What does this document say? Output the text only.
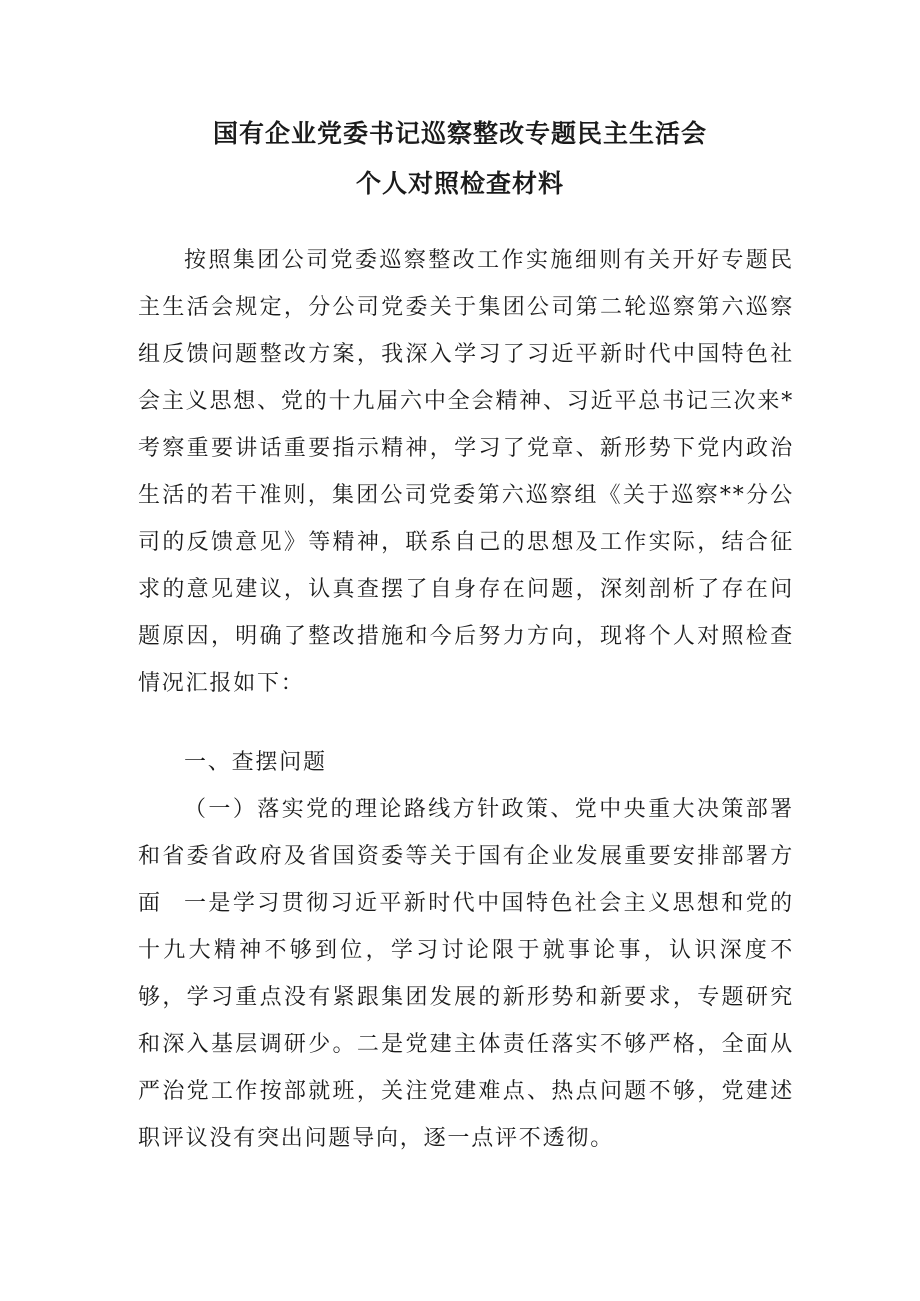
国有企业党委书记巡察整改专题民主生活会
个人对照检查材料

按照集团公司党委巡察整改工作实施细则有关开好专题民主生活会规定，分公司党委关于集团公司第二轮巡察第六巡察组反馈问题整改方案，我深入学习了习近平新时代中国特色社会主义思想、党的十九届六中全会精神、习近平总书记三次来*考察重要讲话重要指示精神，学习了党章、新形势下党内政治生活的若干准则，集团公司党委第六巡察组《关于巡察**分公司的反馈意见》等精神，联系自己的思想及工作实际，结合征求的意见建议，认真查摆了自身存在问题，深刻剖析了存在问题原因，明确了整改措施和今后努力方向，现将个人对照检查情况汇报如下：

一、查摆问题

（一）落实党的理论路线方针政策、党中央重大决策部署和省委省政府及省国资委等关于国有企业发展重要安排部署方面	一是学习贯彻习近平新时代中国特色社会主义思想和党的十九大精神不够到位，学习讨论限于就事论事，认识深度不够，学习重点没有紧跟集团发展的新形势和新要求，专题研究和深入基层调研少。二是党建主体责任落实不够严格，全面从严治党工作按部就班，关注党建难点、热点问题不够，党建述职评议没有突出问题导向，逐一点评不透彻。
